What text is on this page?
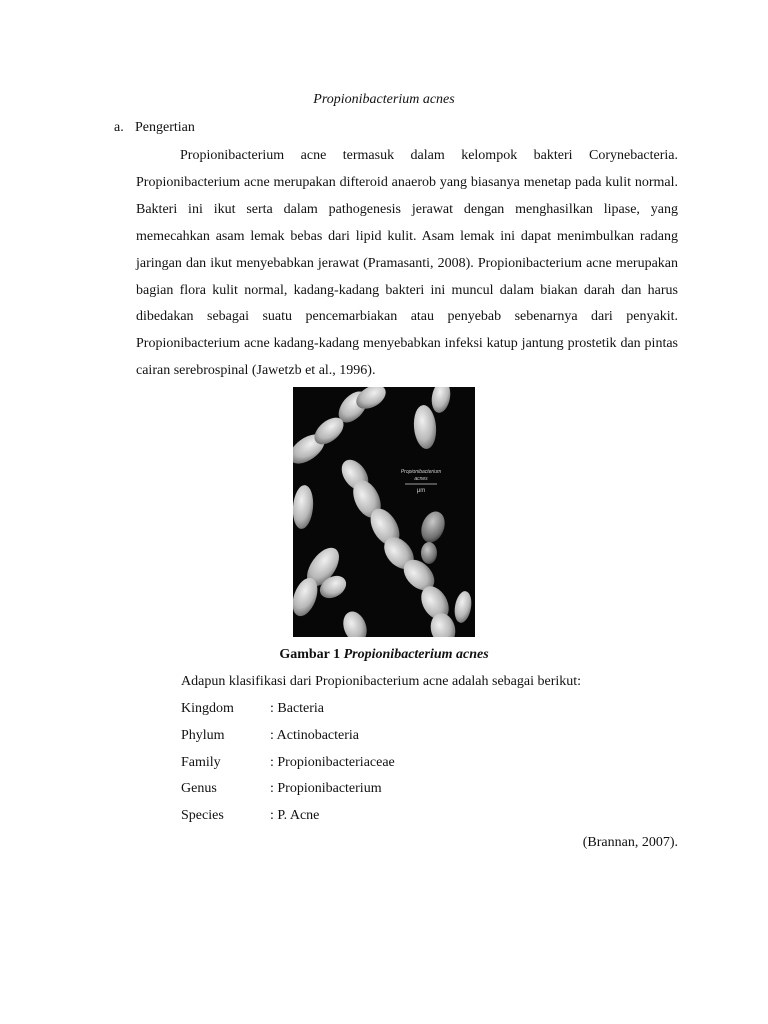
Propionibacterium acnes
a. Pengertian

Propionibacterium acne termasuk dalam kelompok bakteri Corynebacteria. Propionibacterium acne merupakan difteroid anaerob yang biasanya menetap pada kulit normal. Bakteri ini ikut serta dalam pathogenesis jerawat dengan menghasilkan lipase, yang memecahkan asam lemak bebas dari lipid kulit. Asam lemak ini dapat menimbulkan radang jaringan dan ikut menyebabkan jerawat (Pramasanti, 2008). Propionibacterium acne merupakan bagian flora kulit normal, kadang-kadang bakteri ini muncul dalam biakan darah dan harus dibedakan sebagai suatu pencemarbiakan atau penyebab sebenarnya dari penyakit. Propionibacterium acne kadang-kadang menyebabkan infeksi katup jantung prostetik dan pintas cairan serebrospinal (Jawetzb et al., 1996).

Propionibacterium
acnes
μm
Gambar 1 Propionibacterium acnes
Adapun klasifikasi dari Propionibacterium acne adalah sebagai berikut:
Kingdom	: Bacteria
Phylum	: Actinobacteria
Family	: Propionibacteriaceae
Genus	: Propionibacterium
Species	: P. Acne
(Brannan, 2007).
